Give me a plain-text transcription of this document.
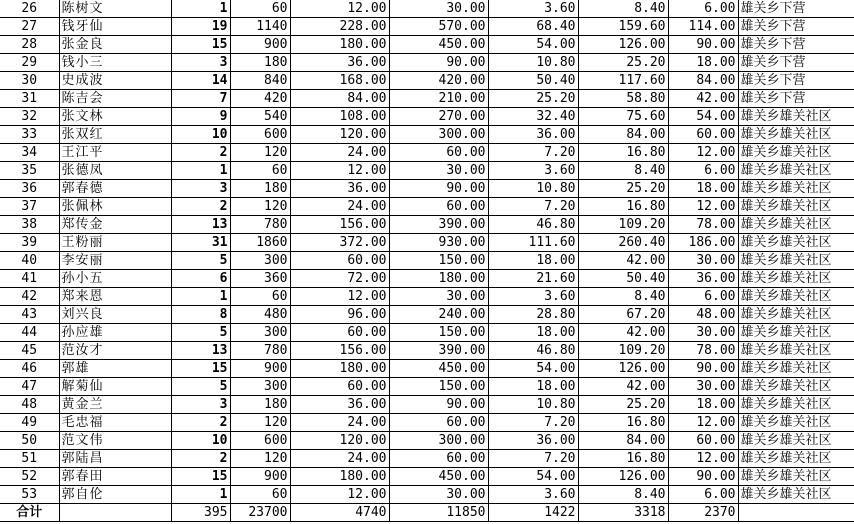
26	陈树文	1	60	12.00	30.00	3.60	8.40	6.00	雄关乡下营
27	钱牙仙	19	1140	228.00	570.00	68.40	159.60	114.00	雄关乡下营
28	张金良	15	900	180.00	450.00	54.00	126.00	90.00	雄关乡下营
29	钱小三	3	180	36.00	90.00	10.80	25.20	18.00	雄关乡下营
30	史成波	14	840	168.00	420.00	50.40	117.60	84.00	雄关乡下营
31	陈吉会	7	420	84.00	210.00	25.20	58.80	42.00	雄关乡下营
32	张文林	9	540	108.00	270.00	32.40	75.60	54.00	雄关乡雄关社区
33	张双红	10	600	120.00	300.00	36.00	84.00	60.00	雄关乡雄关社区
34	王江平	2	120	24.00	60.00	7.20	16.80	12.00	雄关乡雄关社区
35	张德凤	1	60	12.00	30.00	3.60	8.40	6.00	雄关乡雄关社区
36	郭春德	3	180	36.00	90.00	10.80	25.20	18.00	雄关乡雄关社区
37	张佩林	2	120	24.00	60.00	7.20	16.80	12.00	雄关乡雄关社区
38	郑传金	13	780	156.00	390.00	46.80	109.20	78.00	雄关乡雄关社区
39	王粉丽	31	1860	372.00	930.00	111.60	260.40	186.00	雄关乡雄关社区
40	李安丽	5	300	60.00	150.00	18.00	42.00	30.00	雄关乡雄关社区
41	孙小五	6	360	72.00	180.00	21.60	50.40	36.00	雄关乡雄关社区
42	郑来恩	1	60	12.00	30.00	3.60	8.40	6.00	雄关乡雄关社区
43	刘兴良	8	480	96.00	240.00	28.80	67.20	48.00	雄关乡雄关社区
44	孙应雄	5	300	60.00	150.00	18.00	42.00	30.00	雄关乡雄关社区
45	范汝才	13	780	156.00	390.00	46.80	109.20	78.00	雄关乡雄关社区
46	郭雄	15	900	180.00	450.00	54.00	126.00	90.00	雄关乡雄关社区
47	解菊仙	5	300	60.00	150.00	18.00	42.00	30.00	雄关乡雄关社区
48	黄金兰	3	180	36.00	90.00	10.80	25.20	18.00	雄关乡雄关社区
49	毛忠福	2	120	24.00	60.00	7.20	16.80	12.00	雄关乡雄关社区
50	范文伟	10	600	120.00	300.00	36.00	84.00	60.00	雄关乡雄关社区
51	郭陆昌	2	120	24.00	60.00	7.20	16.80	12.00	雄关乡雄关社区
52	郭春田	15	900	180.00	450.00	54.00	126.00	90.00	雄关乡雄关社区
53	郭自伦	1	60	12.00	30.00	3.60	8.40	6.00	雄关乡雄关社区
合计		395	23700	4740	11850	1422	3318	2370	
